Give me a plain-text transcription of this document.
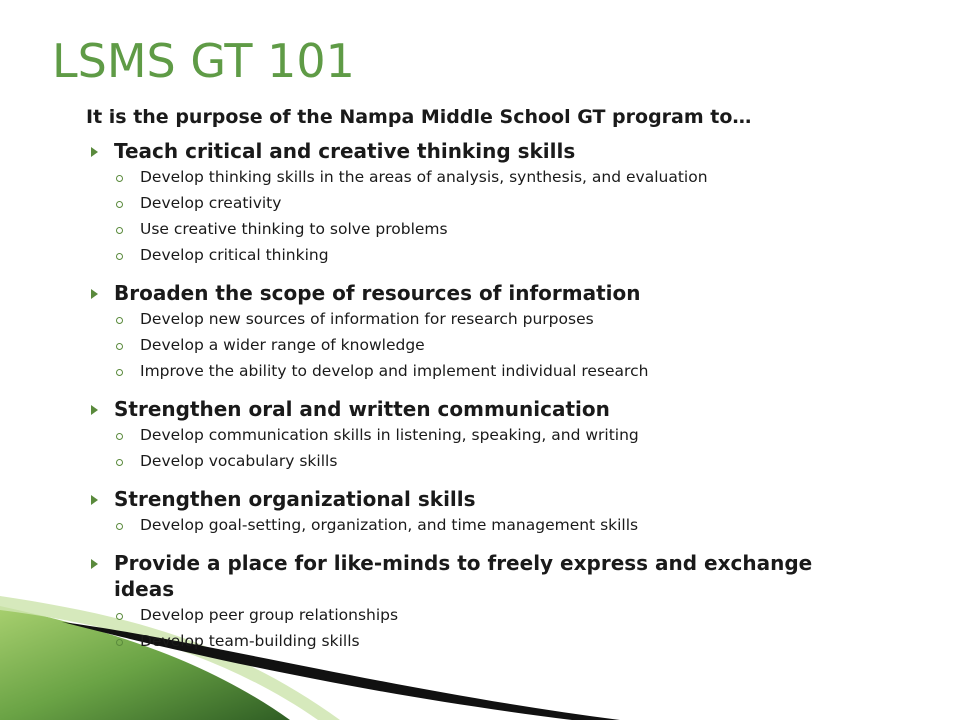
LSMS GT 101
It is the purpose of the Nampa Middle School GT program to…
Teach critical and creative thinking skills
Develop thinking skills in the areas of analysis, synthesis, and evaluation
Develop creativity
Use creative thinking to solve problems
Develop critical thinking
Broaden the scope of resources of information
Develop new sources of information for research purposes
Develop a wider range of knowledge
Improve the ability to develop and implement individual research
Strengthen oral and written communication
Develop communication skills in listening, speaking, and writing
Develop vocabulary skills
Strengthen organizational skills
Develop goal-setting, organization, and time management skills
Provide a place for like-minds to freely express and exchange ideas
Develop peer group relationships
Develop team-building skills
